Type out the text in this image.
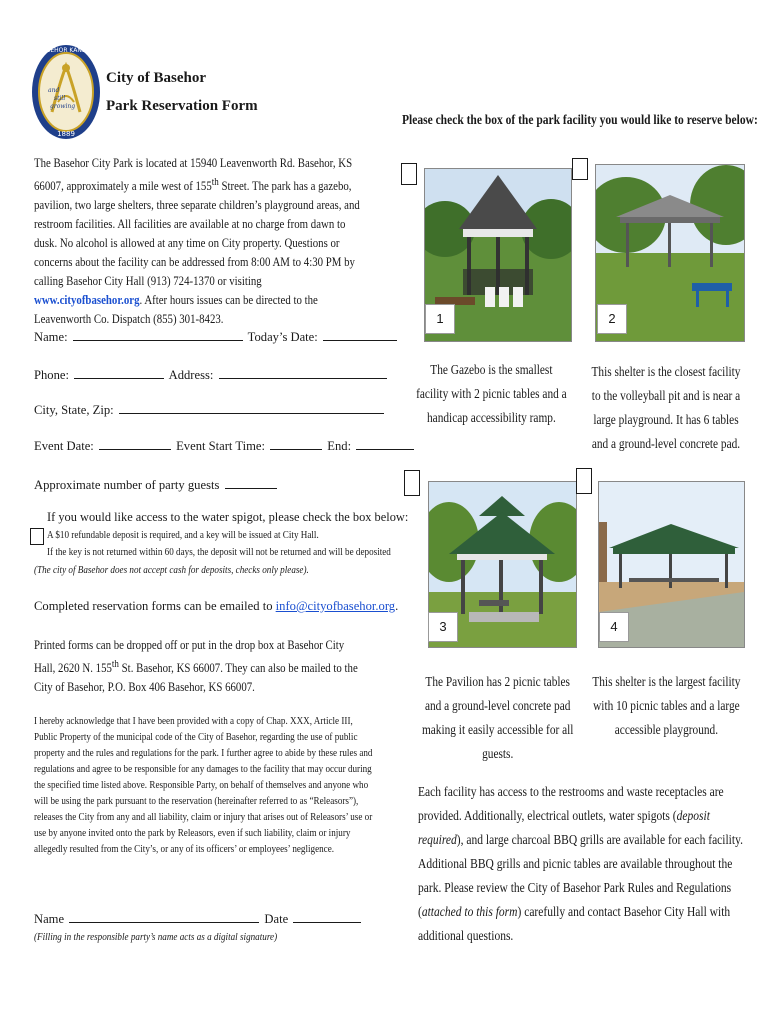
BASEHOR KANSAS
and
still
growing
1889
City of Basehor
Park Reservation Form
Please check the box of the park facility you would like to reserve below:
The Basehor City Park is located at 15940 Leavenworth Rd. Basehor, KS 66007, approximately a mile west of 155th Street. The park has a gazebo, pavilion, two large shelters, three separate children’s playground areas, and restroom facilities. All facilities are available at no charge from dawn to dusk. No alcohol is allowed at any time on City property. Questions or concerns about the facility can be addressed from 8:00 AM to 4:30 PM by calling Basehor City Hall (913) 724-1370 or visiting www.cityofbasehor.org. After hours issues can be directed to the Leavenworth Co. Dispatch (855) 301-8423.
Name:	Today’s Date:
Phone:	Address:
City, State, Zip:
Event Date:	Event Start Time:	End:
Approximate number of party guests
If you would like access to the water spigot, please check the box below:
A $10 refundable deposit is required, and a key will be issued at City Hall.
If the key is not returned within 60 days, the deposit will not be returned and will be deposited
(The city of Basehor does not accept cash for deposits, checks only please).
Completed reservation forms can be emailed to info@cityofbasehor.org.
Printed forms can be dropped off or put in the drop box at Basehor City Hall, 2620 N. 155th St. Basehor, KS 66007. They can also be mailed to the City of Basehor, P.O. Box 406 Basehor, KS 66007.
I hereby acknowledge that I have been provided with a copy of Chap. XXX, Article III, Public Property of the municipal code of the City of Basehor, regarding the use of public property and the rules and regulations for the park. I further agree to abide by these rules and regulations and agree to be responsible for any damages to the facility that may occur during the specified time listed above. Responsible Party, on behalf of themselves and anyone who will be using the park pursuant to the reservation (hereinafter referred to as “Releasors”), releases the City from any and all liability, claim or injury that arises out of Releasors’ use or use by anyone invited onto the park by Releasors, even if such liability, claim or injury allegedly resulted from the City’s, or any of its officers’ or employees’ negligence.
Name	Date
(Filling in the responsible party’s name acts as a digital signature)
1
The Gazebo is the smallest facility with 2 picnic tables and a handicap accessibility ramp.
2
This shelter is the closest facility to the volleyball pit and is near a large playground. It has 6 tables and a ground-level concrete pad.
3
The Pavilion has 2 picnic tables and a ground-level concrete pad making it easily accessible for all guests.
4
This shelter is the largest facility with 10 picnic tables and a large accessible playground.
Each facility has access to the restrooms and waste receptacles are provided. Additionally, electrical outlets, water spigots (deposit required), and large charcoal BBQ grills are available for each facility. Additional BBQ grills and picnic tables are available throughout the park. Please review the City of Basehor Park Rules and Regulations (attached to this form) carefully and contact Basehor City Hall with additional questions.
